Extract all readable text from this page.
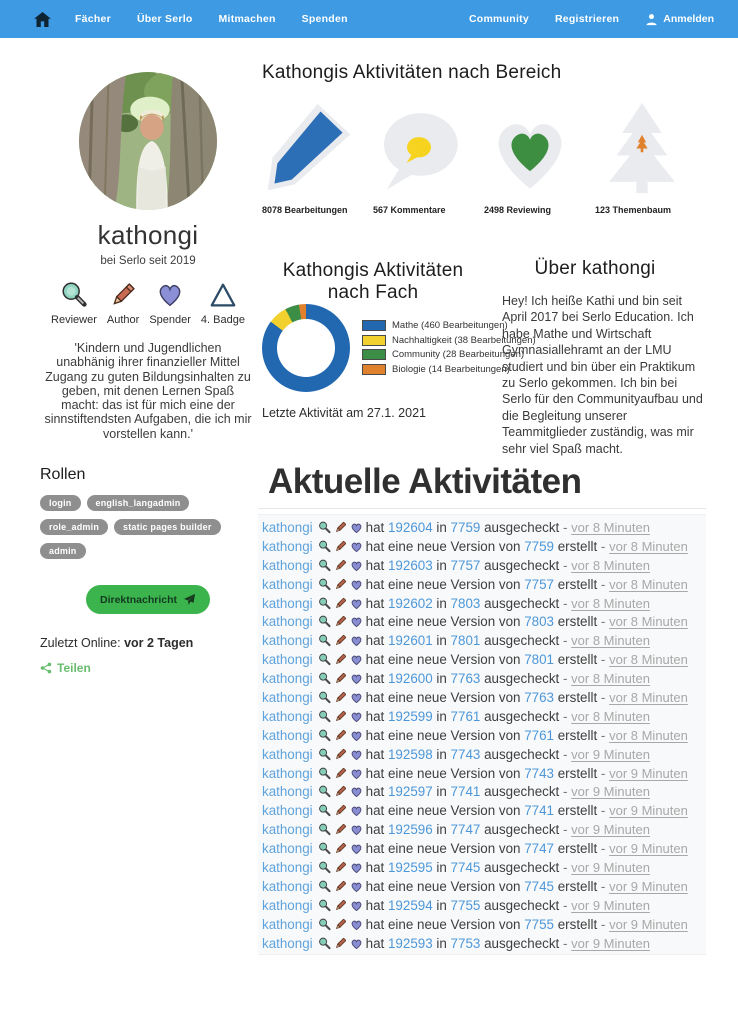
Fächer Über Serlo Mitmachen Spenden	Community Registrieren	Anmelden
kathongi
bei Serlo seit 2019
Reviewer Author Spender 4. Badge
'Kindern und Jugendlichen unabhänig ihrer finanzieller Mittel Zugang zu guten Bildungsinhalten zu geben, mit denen Lernen Spaß macht: das ist für mich eine der sinnstiftendsten Aufgaben, die ich mir vorstellen kann.'
Rollen
login	english_langadmin
role_admin	static pages builder
admin
Direktnachricht
Zuletzt Online: vor 2 Tagen
Teilen
Kathongis Aktivitäten nach Bereich
8078 Bearbeitungen	567 Kommentare	2498 Reviewing	123 Themenbaum
Kathongis Aktivitäten nach Fach
Mathe (460 Bearbeitungen)
Nachhaltigkeit (38 Bearbeitungen)
Community (28 Bearbeitungen)
Biologie (14 Bearbeitungen)
Letzte Aktivität am 27.1. 2021
Über kathongi

Hey! Ich heiße Kathi und bin seit April 2017 bei Serlo Education. Ich habe Mathe und Wirtschaft Gymnasiallehramt an der LMU studiert und bin über ein Praktikum zu Serlo gekommen. Ich bin bei Serlo für den Communityaufbau und die Begleitung unserer Teammitglieder zuständig, was mir sehr viel Spaß macht.

Aktuelle Aktivitäten
kathongi	hat 192604 in 7759 ausgecheckt - vor 8 Minuten
kathongi	hat eine neue Version von 7759 erstellt - vor 8 Minuten
kathongi	hat 192603 in 7757 ausgecheckt - vor 8 Minuten
kathongi	hat eine neue Version von 7757 erstellt - vor 8 Minuten
kathongi	hat 192602 in 7803 ausgecheckt - vor 8 Minuten
kathongi	hat eine neue Version von 7803 erstellt - vor 8 Minuten
kathongi	hat 192601 in 7801 ausgecheckt - vor 8 Minuten
kathongi	hat eine neue Version von 7801 erstellt - vor 8 Minuten
kathongi	hat 192600 in 7763 ausgecheckt - vor 8 Minuten
kathongi	hat eine neue Version von 7763 erstellt - vor 8 Minuten
kathongi	hat 192599 in 7761 ausgecheckt - vor 8 Minuten
kathongi	hat eine neue Version von 7761 erstellt - vor 8 Minuten
kathongi	hat 192598 in 7743 ausgecheckt - vor 9 Minuten
kathongi	hat eine neue Version von 7743 erstellt - vor 9 Minuten
kathongi	hat 192597 in 7741 ausgecheckt - vor 9 Minuten
kathongi	hat eine neue Version von 7741 erstellt - vor 9 Minuten
kathongi	hat 192596 in 7747 ausgecheckt - vor 9 Minuten
kathongi	hat eine neue Version von 7747 erstellt - vor 9 Minuten
kathongi	hat 192595 in 7745 ausgecheckt - vor 9 Minuten
kathongi	hat eine neue Version von 7745 erstellt - vor 9 Minuten
kathongi	hat 192594 in 7755 ausgecheckt - vor 9 Minuten
kathongi	hat eine neue Version von 7755 erstellt - vor 9 Minuten
kathongi	hat 192593 in 7753 ausgecheckt - vor 9 Minuten
